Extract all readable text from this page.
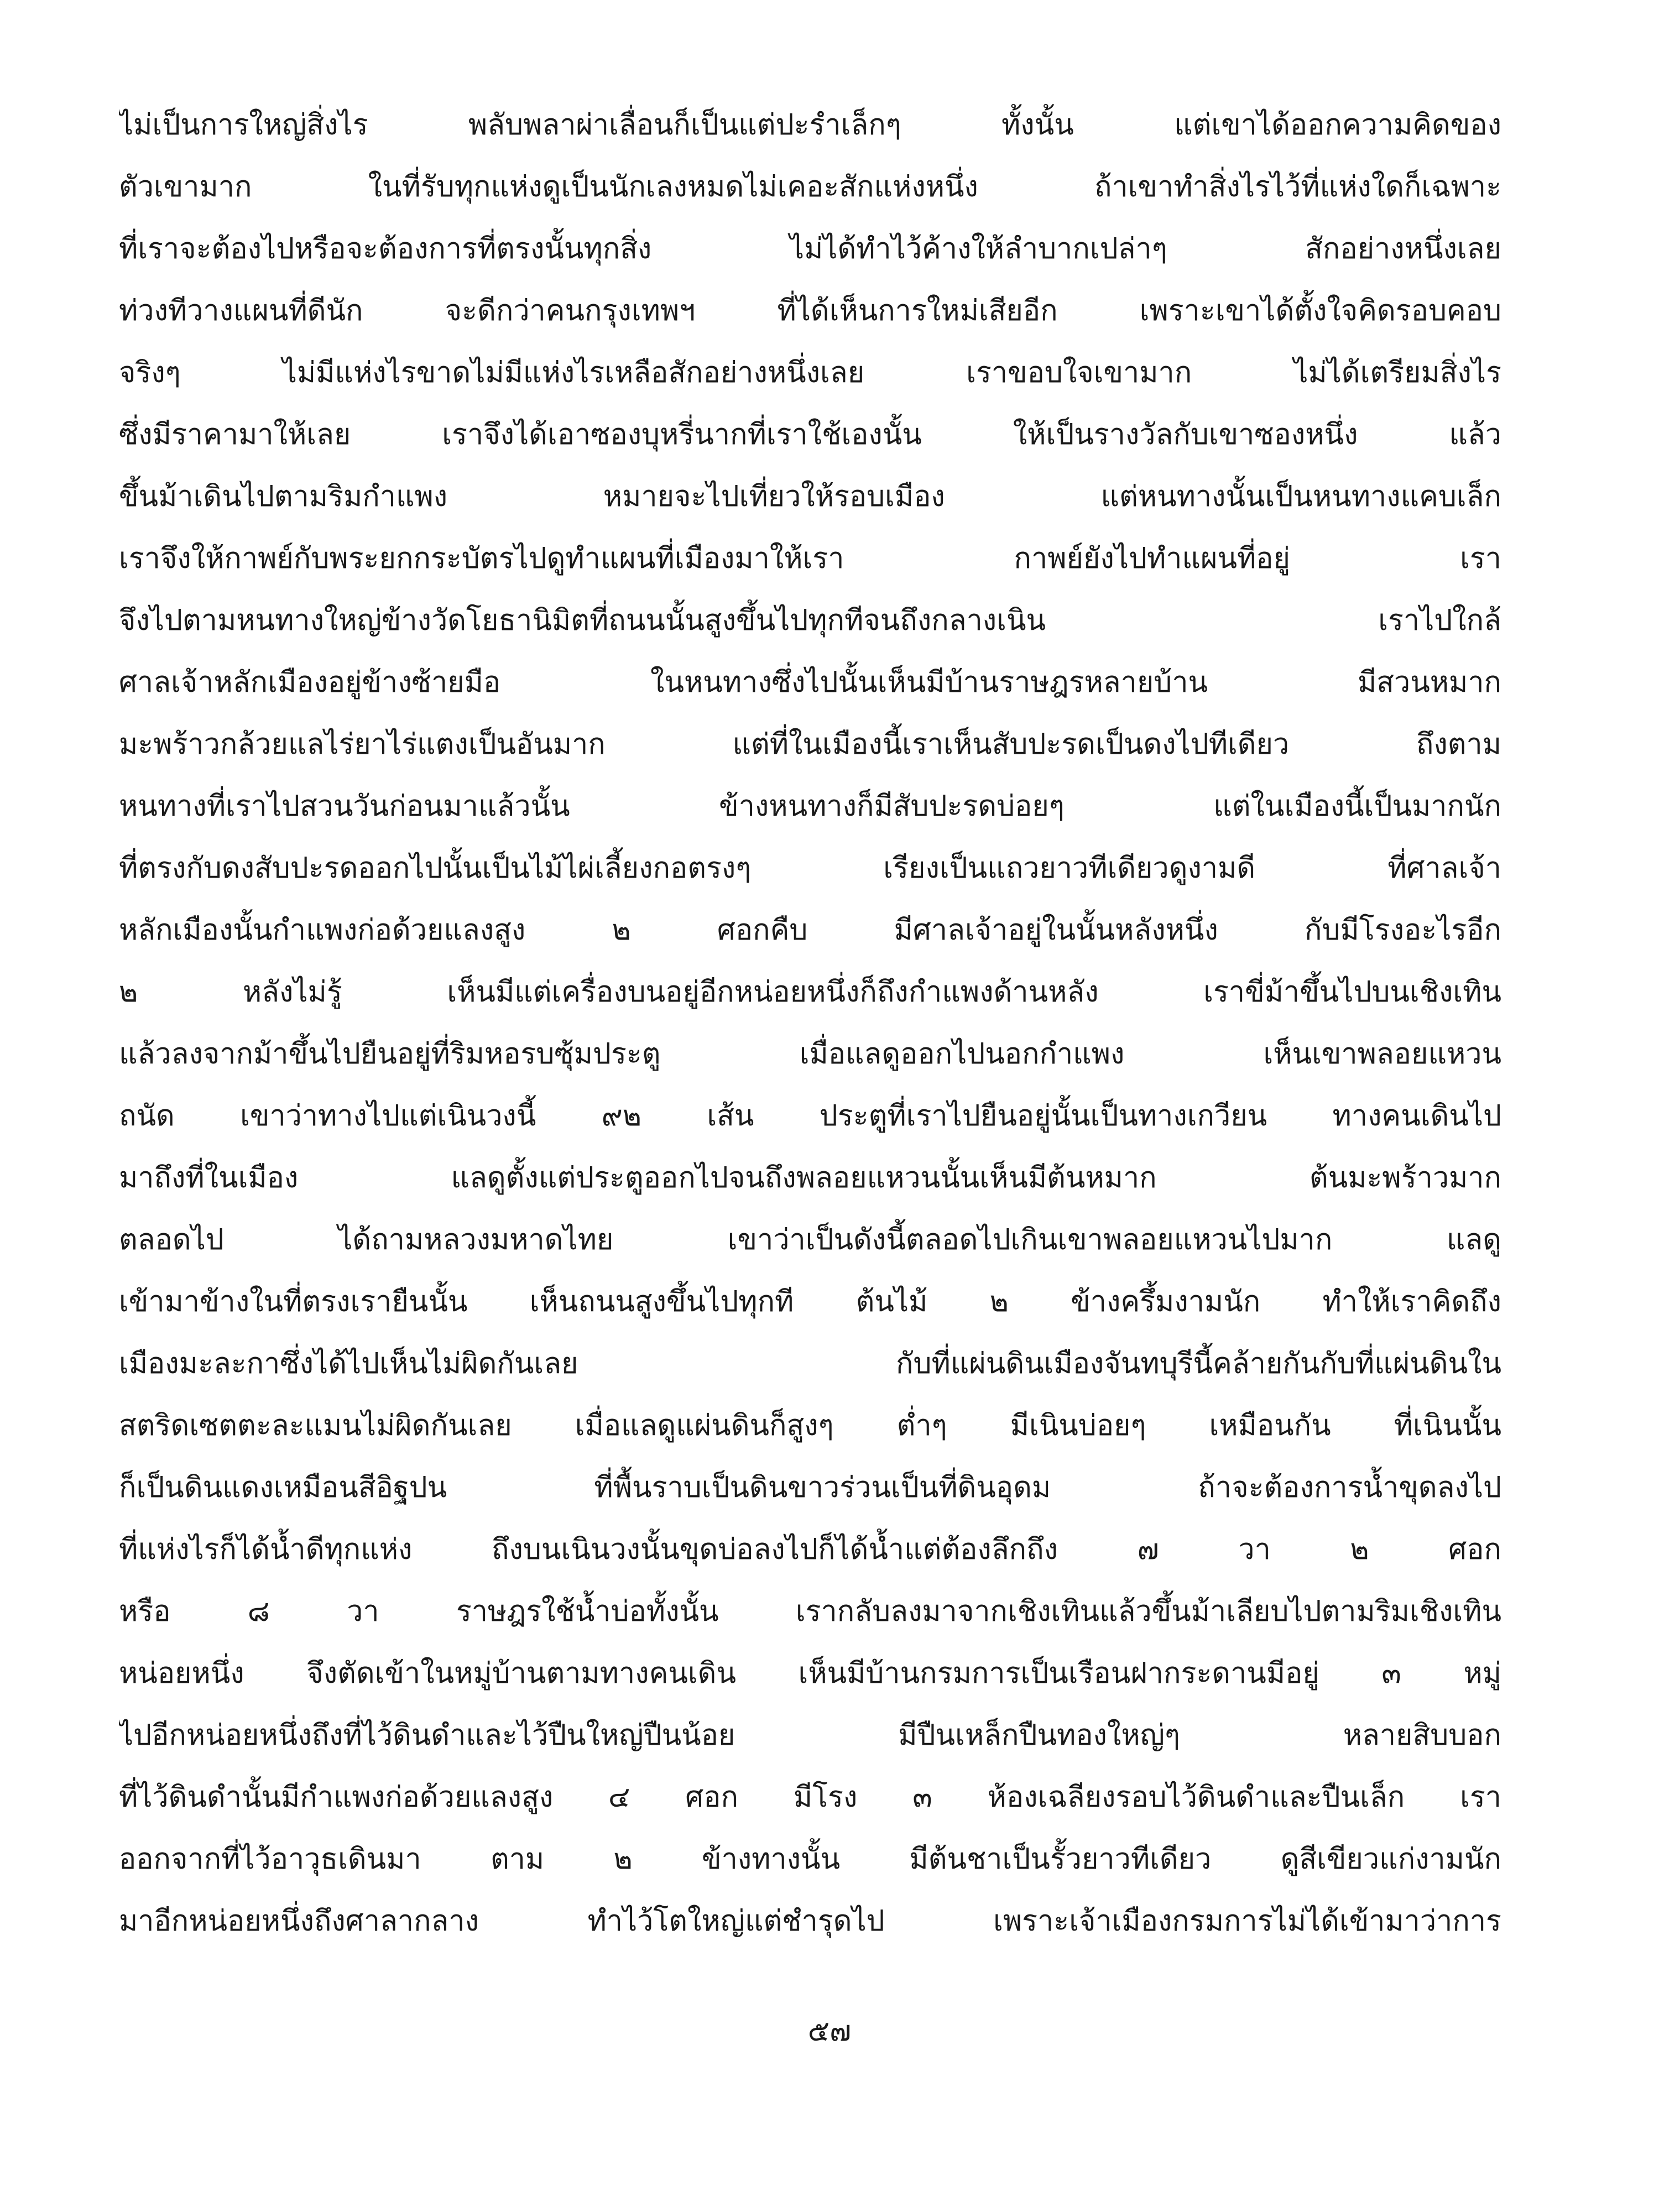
ไม่เป็นการใหญ่สิ่งไร พลับพลาผ่าเลื่อนก็เป็นแต่ปะรำเล็กๆ ทั้งนั้น แต่เขาได้ออกความคิดของ
ตัวเขามาก ในที่รับทุกแห่งดูเป็นนักเลงหมดไม่เคอะสักแห่งหนึ่ง ถ้าเขาทำสิ่งไรไว้ที่แห่งใดก็เฉพาะ
ที่เราจะต้องไปหรือจะต้องการที่ตรงนั้นทุกสิ่ง ไม่ได้ทำไว้ค้างให้ลำบากเปล่าๆ สักอย่างหนึ่งเลย
ท่วงทีวางแผนที่ดีนัก จะดีกว่าคนกรุงเทพฯ ที่ได้เห็นการใหม่เสียอีก เพราะเขาได้ตั้งใจคิดรอบคอบ
จริงๆ ไม่มีแห่งไรขาดไม่มีแห่งไรเหลือสักอย่างหนึ่งเลย เราขอบใจเขามาก ไม่ได้เตรียมสิ่งไร
ซึ่งมีราคามาให้เลย เราจึงได้เอาซองบุหรี่นากที่เราใช้เองนั้น ให้เป็นรางวัลกับเขาซองหนึ่ง แล้ว
ขึ้นม้าเดินไปตามริมกำแพง หมายจะไปเที่ยวให้รอบเมือง แต่หนทางนั้นเป็นหนทางแคบเล็ก
เราจึงให้กาพย์กับพระยกกระบัตรไปดูทำแผนที่เมืองมาให้เรา กาพย์ยังไปทำแผนที่อยู่ เรา
จึงไปตามหนทางใหญ่ข้างวัดโยธานิมิตที่ถนนนั้นสูงขึ้นไปทุกทีจนถึงกลางเนิน เราไปใกล้
ศาลเจ้าหลักเมืองอยู่ข้างซ้ายมือ ในหนทางซึ่งไปนั้นเห็นมีบ้านราษฎรหลายบ้าน มีสวนหมาก
มะพร้าวกล้วยแลไร่ยาไร่แตงเป็นอันมาก แต่ที่ในเมืองนี้เราเห็นสับปะรดเป็นดงไปทีเดียว ถึงตาม
หนทางที่เราไปสวนวันก่อนมาแล้วนั้น ข้างหนทางก็มีสับปะรดบ่อยๆ แต่ในเมืองนี้เป็นมากนัก
ที่ตรงกับดงสับปะรดออกไปนั้นเป็นไม้ไผ่เลี้ยงกอตรงๆ เรียงเป็นแถวยาวทีเดียวดูงามดี ที่ศาลเจ้า
หลักเมืองนั้นกำแพงก่อด้วยแลงสูง ๒ ศอกคืบ มีศาลเจ้าอยู่ในนั้นหลังหนึ่ง กับมีโรงอะไรอีก
๒ หลังไม่รู้ เห็นมีแต่เครื่องบนอยู่อีกหน่อยหนึ่งก็ถึงกำแพงด้านหลัง เราขี่ม้าขึ้นไปบนเชิงเทิน
แล้วลงจากม้าขึ้นไปยืนอยู่ที่ริมหอรบซุ้มประตู เมื่อแลดูออกไปนอกกำแพง เห็นเขาพลอยแหวน
ถนัด เขาว่าทางไปแต่เนินวงนี้ ๙๒ เส้น ประตูที่เราไปยืนอยู่นั้นเป็นทางเกวียน ทางคนเดินไป
มาถึงที่ในเมือง แลดูตั้งแต่ประตูออกไปจนถึงพลอยแหวนนั้นเห็นมีต้นหมาก ต้นมะพร้าวมาก
ตลอดไป ได้ถามหลวงมหาดไทย เขาว่าเป็นดังนี้ตลอดไปเกินเขาพลอยแหวนไปมาก แลดู
เข้ามาข้างในที่ตรงเรายืนนั้น เห็นถนนสูงขึ้นไปทุกที ต้นไม้ ๒ ข้างครึ้มงามนัก ทำให้เราคิดถึง
เมืองมะละกาซึ่งได้ไปเห็นไม่ผิดกันเลย กับที่แผ่นดินเมืองจันทบุรีนี้คล้ายกันกับที่แผ่นดินใน
สตริดเซตตะละแมนไม่ผิดกันเลย เมื่อแลดูแผ่นดินก็สูงๆ ต่ำๆ มีเนินบ่อยๆ เหมือนกัน ที่เนินนั้น
ก็เป็นดินแดงเหมือนสีอิฐปน ที่พื้นราบเป็นดินขาวร่วนเป็นที่ดินอุดม ถ้าจะต้องการน้ำขุดลงไป
ที่แห่งไรก็ได้น้ำดีทุกแห่ง ถึงบนเนินวงนั้นขุดบ่อลงไปก็ได้น้ำแต่ต้องลึกถึง ๗ วา ๒ ศอก
หรือ ๘ วา ราษฎรใช้น้ำบ่อทั้งนั้น เรากลับลงมาจากเชิงเทินแล้วขึ้นม้าเลียบไปตามริมเชิงเทิน
หน่อยหนึ่ง จึงตัดเข้าในหมู่บ้านตามทางคนเดิน เห็นมีบ้านกรมการเป็นเรือนฝากระดานมีอยู่ ๓ หมู่
ไปอีกหน่อยหนึ่งถึงที่ไว้ดินดำและไว้ปืนใหญ่ปืนน้อย มีปืนเหล็กปืนทองใหญ่ๆ หลายสิบบอก
ที่ไว้ดินดำนั้นมีกำแพงก่อด้วยแลงสูง ๔ ศอก มีโรง ๓ ห้องเฉลียงรอบไว้ดินดำและปืนเล็ก เรา
ออกจากที่ไว้อาวุธเดินมา ตาม ๒ ข้างทางนั้น มีต้นชาเป็นรั้วยาวทีเดียว ดูสีเขียวแก่งามนัก
มาอีกหน่อยหนึ่งถึงศาลากลาง ทำไว้โตใหญ่แต่ชำรุดไป เพราะเจ้าเมืองกรมการไม่ได้เข้ามาว่าการ
๕๗
